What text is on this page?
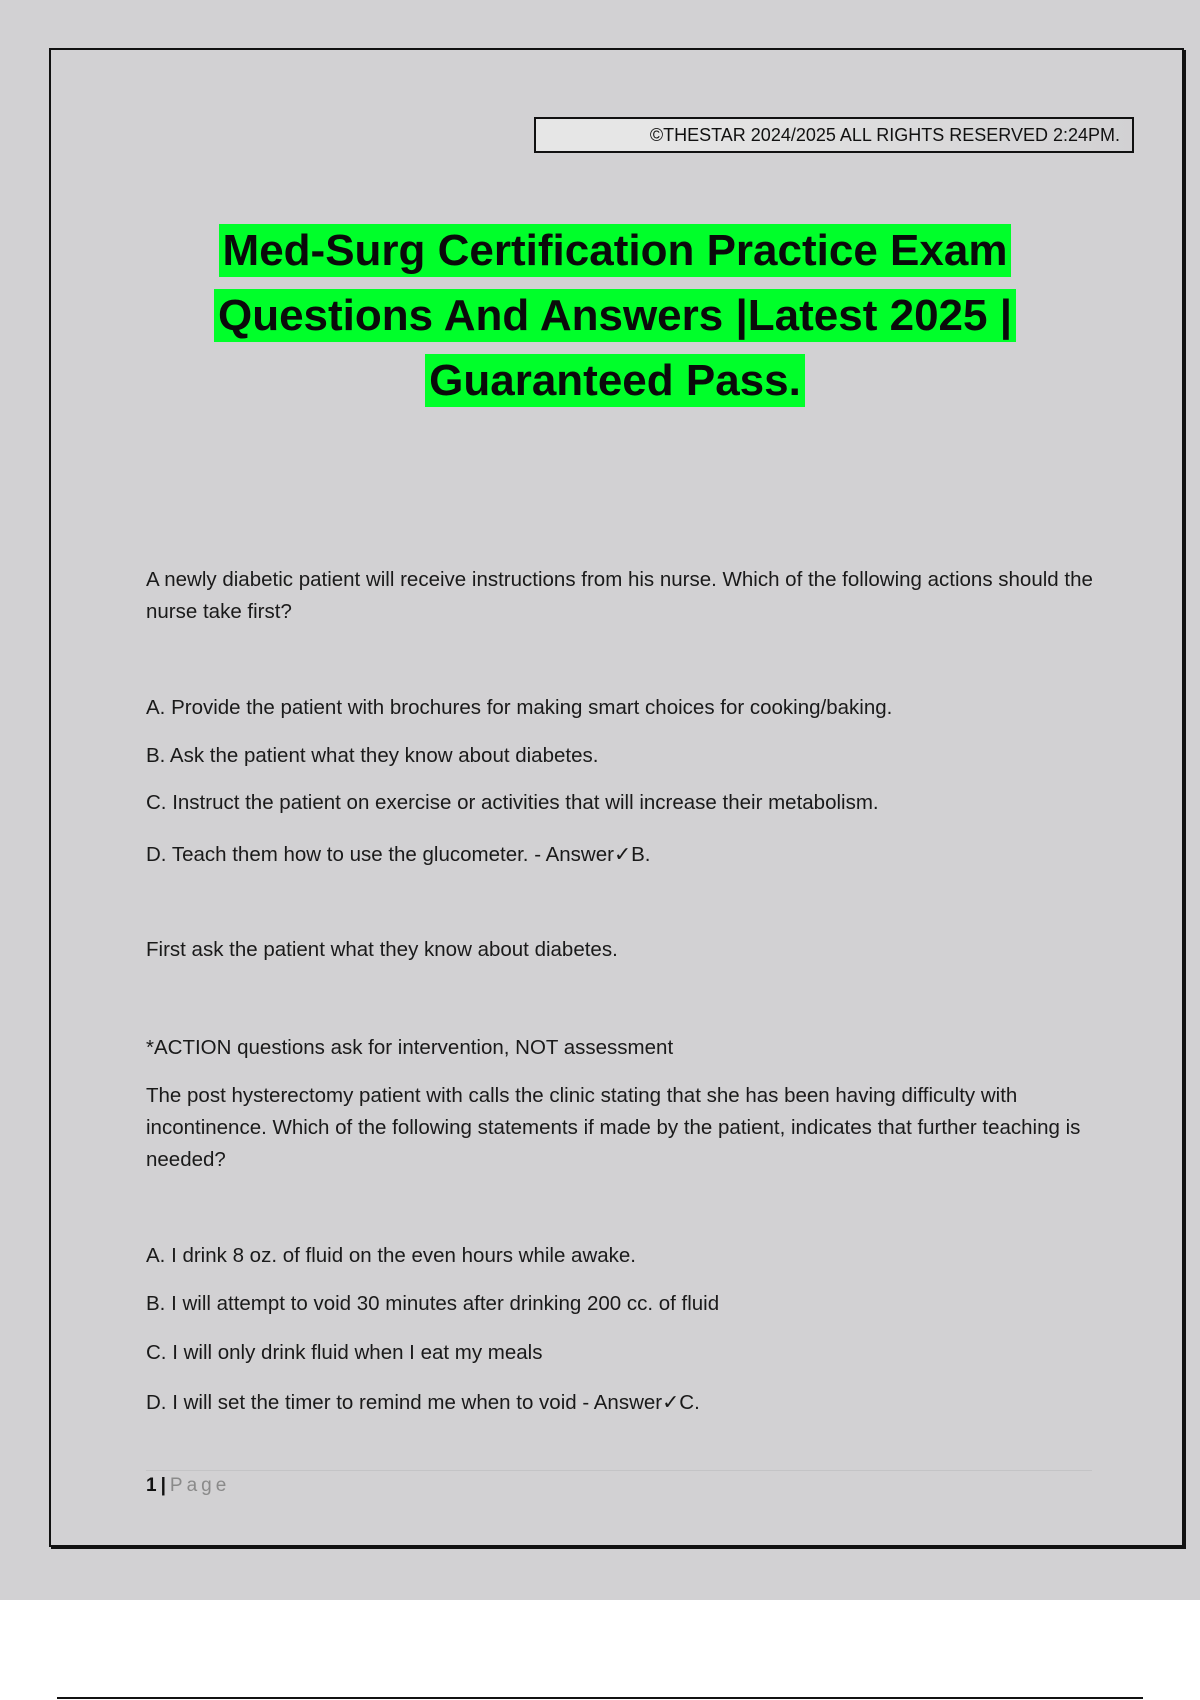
©THESTAR 2024/2025 ALL RIGHTS RESERVED 2:24PM.
Med-Surg Certification Practice Exam
Questions And Answers |Latest 2025 |
Guaranteed Pass.
A newly diabetic patient will receive instructions from his nurse. Which of the following actions should the nurse take first?
A. Provide the patient with brochures for making smart choices for cooking/baking.
B. Ask the patient what they know about diabetes.
C. Instruct the patient on exercise or activities that will increase their metabolism.
D. Teach them how to use the glucometer. - Answer✓B.
First ask the patient what they know about diabetes.
*ACTION questions ask for intervention, NOT assessment
The post hysterectomy patient with calls the clinic stating that she has been having difficulty with incontinence. Which of the following statements if made by the patient, indicates that further teaching is needed?
A. I drink 8 oz. of fluid on the even hours while awake.
B. I will attempt to void 30 minutes after drinking 200 cc. of fluid
C. I will only drink fluid when I eat my meals
D. I will set the timer to remind me when to void - Answer✓C.
1 | Page
